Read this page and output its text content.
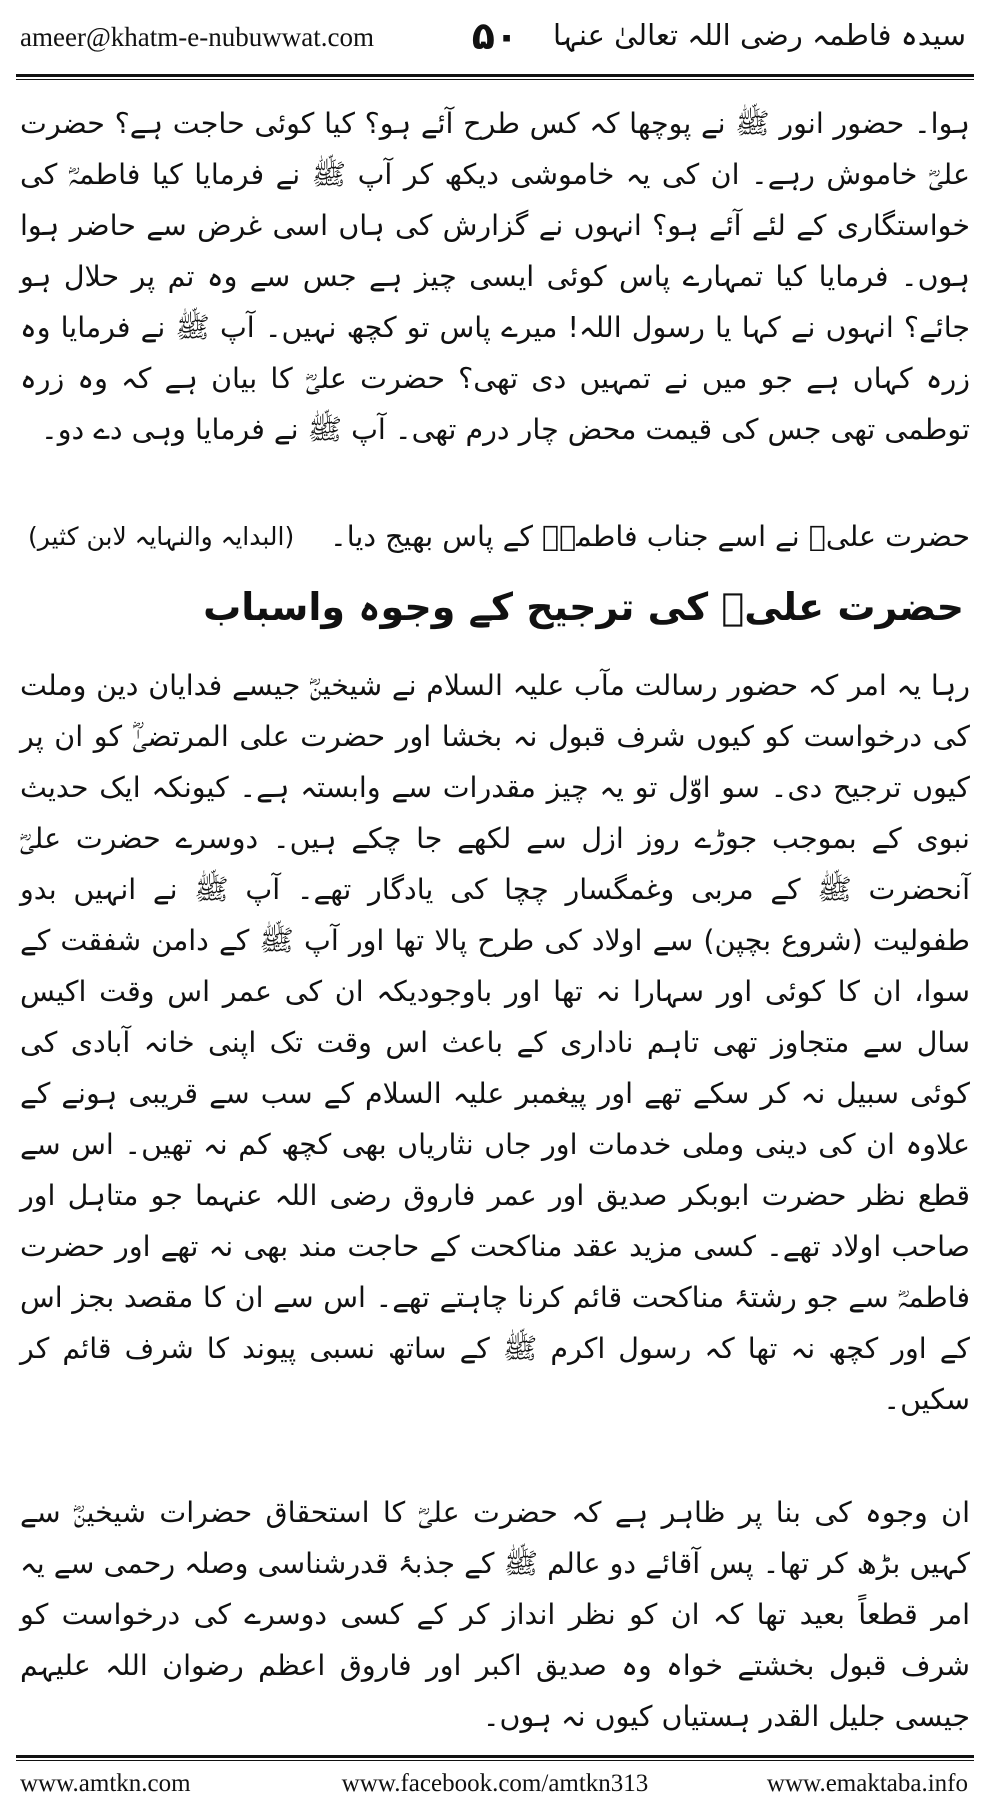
ameer@khatm-e-nubuwwat.com	۵۰	سیدہ فاطمہ رضی اللہ تعالیٰ عنہا

ہوا۔ حضور انور ﷺ نے پوچھا کہ کس طرح آئے ہو؟ کیا کوئی حاجت ہے؟ حضرت علیؓ خاموش رہے۔ ان کی یہ خاموشی دیکھ کر آپ ﷺ نے فرمایا کیا فاطمہؓ کی خواستگاری کے لئے آئے ہو؟ انہوں نے گزارش کی ہاں اسی غرض سے حاضر ہوا ہوں۔ فرمایا کیا تمہارے پاس کوئی ایسی چیز ہے جس سے وہ تم پر حلال ہو جائے؟ انہوں نے کہا یا رسول اللہ! میرے پاس تو کچھ نہیں۔ آپ ﷺ نے فرمایا وہ زرہ کہاں ہے جو میں نے تمہیں دی تھی؟ حضرت علیؓ کا بیان ہے کہ وہ زرہ توطمی تھی جس کی قیمت محض چار درم تھی۔ آپ ﷺ نے فرمایا وہی دے دو۔

حضرت علیؓ نے اسے جناب فاطمہؓ کے پاس بھیج دیا۔
(البدایہ والنہایہ لابن کثیر)
حضرت علیؓ کی ترجیح کے وجوہ واسباب

رہا یہ امر کہ حضور رسالت مآب علیہ السلام نے شیخینؓ جیسے فدایان دین وملت کی درخواست کو کیوں شرف قبول نہ بخشا اور حضرت علی المرتضیٰؓ کو ان پر کیوں ترجیح دی۔ سو اوّل تو یہ چیز مقدرات سے وابستہ ہے۔ کیونکہ ایک حدیث نبوی کے بموجب جوڑے روز ازل سے لکھے جا چکے ہیں۔ دوسرے حضرت علیؓ آنحضرت ﷺ کے مربی وغمگسار چچا کی یادگار تھے۔ آپ ﷺ نے انہیں بدو طفولیت (شروع بچپن) سے اولاد کی طرح پالا تھا اور آپ ﷺ کے دامن شفقت کے سوا، ان کا کوئی اور سہارا نہ تھا اور باوجودیکہ ان کی عمر اس وقت اکیس سال سے متجاوز تھی تاہم ناداری کے باعث اس وقت تک اپنی خانہ آبادی کی کوئی سبیل نہ کر سکے تھے اور پیغمبر علیہ السلام کے سب سے قریبی ہونے کے علاوہ ان کی دینی وملی خدمات اور جاں نثاریاں بھی کچھ کم نہ تھیں۔ اس سے قطع نظر حضرت ابوبکر صدیق اور عمر فاروق رضی اللہ عنہما جو متاہل اور صاحب اولاد تھے۔ کسی مزید عقد مناکحت کے حاجت مند بھی نہ تھے اور حضرت فاطمہؓ سے جو رشتۂ مناکحت قائم کرنا چاہتے تھے۔ اس سے ان کا مقصد بجز اس کے اور کچھ نہ تھا کہ رسول اکرم ﷺ کے ساتھ نسبی پیوند کا شرف قائم کر سکیں۔

ان وجوہ کی بنا پر ظاہر ہے کہ حضرت علیؓ کا استحقاق حضرات شیخینؓ سے کہیں بڑھ کر تھا۔ پس آقائے دو عالم ﷺ کے جذبۂ قدرشناسی وصلہ رحمی سے یہ امر قطعاً بعید تھا کہ ان کو نظر انداز کر کے کسی دوسرے کی درخواست کو شرف قبول بخشتے خواہ وہ صدیق اکبر اور فاروق اعظم رضوان اللہ علیہم جیسی جلیل القدر ہستیاں کیوں نہ ہوں۔

www.amtkn.com	www.facebook.com/amtkn313	www.emaktaba.info
